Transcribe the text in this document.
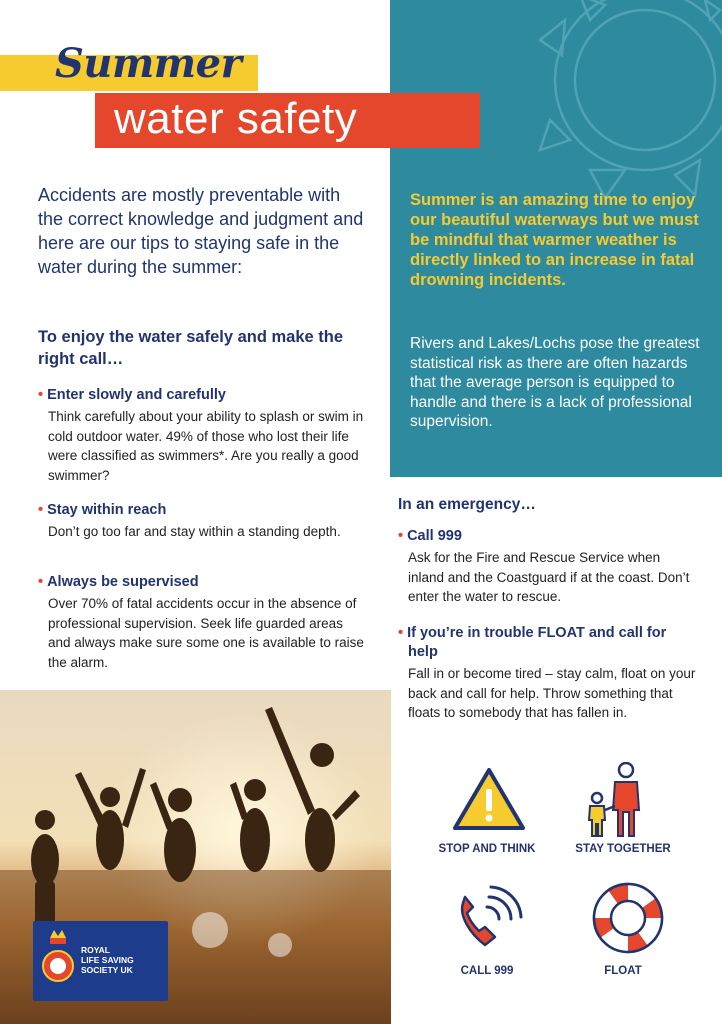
Summer
water safety
Accidents are mostly preventable with the correct knowledge and judgment and here are our tips to staying safe in the water during the summer:
To enjoy the water safely and make the right call…
• Enter slowly and carefully
Think carefully about your ability to splash or swim in cold outdoor water. 49% of those who lost their life were classified as swimmers*. Are you really a good swimmer?
• Stay within reach
Don’t go too far and stay within a standing depth.
• Always be supervised
Over 70% of fatal accidents occur in the absence of professional supervision. Seek life guarded areas and always make sure some one is available to raise the alarm.
Summer is an amazing time to enjoy our beautiful waterways but we must be mindful that warmer weather is directly linked to an increase in fatal drowning incidents.
Rivers and Lakes/Lochs pose the greatest statistical risk as there are often hazards that the average person is equipped to handle and there is a lack of professional supervision.
In an emergency…
• Call 999
Ask for the Fire and Rescue Service when inland and the Coastguard if at the coast. Don’t enter the water to rescue.
• If you’re in trouble FLOAT and call for help
Fall in or become tired – stay calm, float on your back and call for help. Throw something that floats to somebody that has fallen in.
ROYAL
LIFE SAVING
SOCIETY UK
STOP AND THINK	STAY TOGETHER
CALL 999	FLOAT
